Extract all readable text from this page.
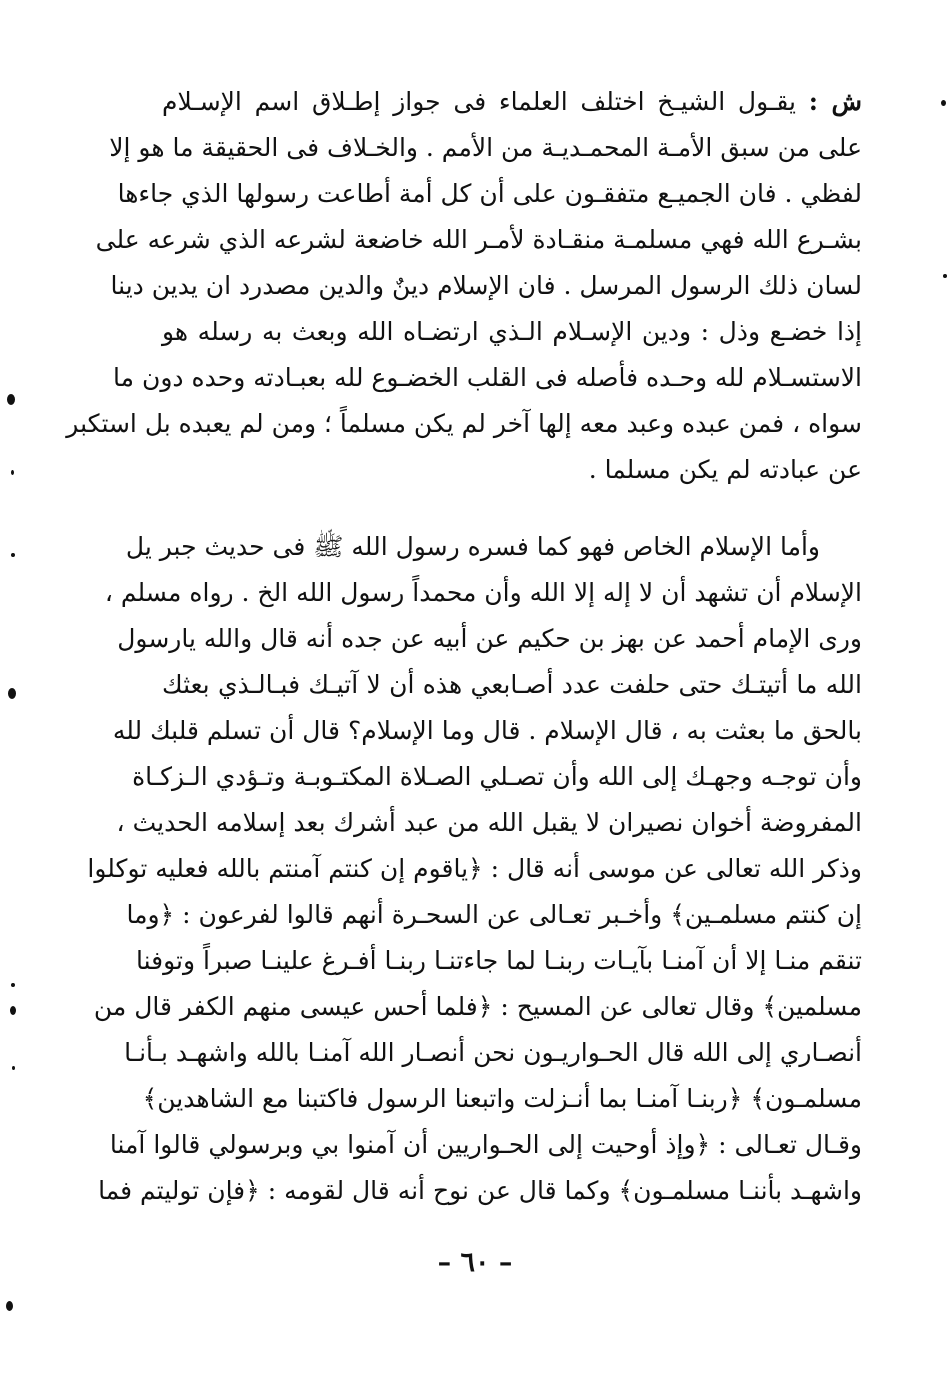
ش : يقـول الشيـخ اختلف العلماء فى جواز إطـلاق اسم الإسـلام
على من سبق الأمـة المحمـديـة من الأمم . والخـلاف فى الحقيقة ما هو إلا
لفظي . فان الجميـع متفقـون على أن كل أمة أطاعت رسولها الذي جاءها
بشـرع الله فهي مسلمـة منقـادة لأمـر الله خاضعة لشرعه الذي شرعه على
لسان ذلك الرسول المرسل . فان الإسلام دينٌ والدين مصدرد ان يدين دينا
إذا خضـع وذل : ودين الإسـلام الـذي ارتضـاه الله وبعث به رسله هو
الاستسـلام لله وحـده فأصله فى القلب الخضـوع لله بعبـادته وحده دون ما
سواه ، فمن عبده وعبد معه إلها آخر لم يكن مسلماً ؛ ومن لم يعبده بل استكبر
عن عبادته لم يكن مسلما .
وأما الإسلام الخاص فهو كما فسره رسول الله ﷺ فى حديث جبر يل
الإسلام أن تشهد أن لا إله إلا الله وأن محمداً رسول الله الخ . رواه مسلم ،
ورى الإمام أحمد عن بهز بن حكيم عن أبيه عن جده أنه قال والله يارسول
الله ما أتيتـك حتى حلفت عدد أصـابعي هذه أن لا آتيـك فبـالـذي بعثك
بالحق ما بعثت به ، قال الإسلام . قال وما الإسلام؟ قال أن تسلم قلبك لله
وأن توجـه وجهـك إلى الله وأن تصـلي الصـلاة المكتـوبـة وتـؤدي الـزكـاة
المفروضة أخوان نصيران لا يقبل الله من عبد أشرك بعد إسلامه الحديث ،
وذكر الله تعالى عن موسى أنه قال : ﴿ياقوم إن كنتم آمنتم بالله فعليه توكلوا
إن كنتم مسلمـين﴾ وأخـبر تعـالى عن السحـرة أنهم قالوا لفرعون : ﴿وما
تنقم منـا إلا أن آمنـا بآيـات ربنـا لما جاءتنـا ربنـا أفـرغ علينـا صبراً وتوفنا
مسلمين﴾ وقال تعالى عن المسيح : ﴿فلما أحس عيسى منهم الكفر قال من
أنصـاري إلى الله قال الحـواريـون نحن أنصـار الله آمنـا بالله واشهـد بـأنـا
مسلمـون﴾ ﴿ربنـا آمنـا بما أنـزلت واتبعنا الرسول فاكتبنا مع الشاهدين﴾
وقـال تعـالى : ﴿وإذ أوحيت إلى الحـواريين أن آمنوا بي وبرسولي قالوا آمنا
واشهـد بأننـا مسلمـون﴾ وكما قال عن نوح أنه قال لقومه : ﴿فإن توليتم فما
– ٦٠ –
